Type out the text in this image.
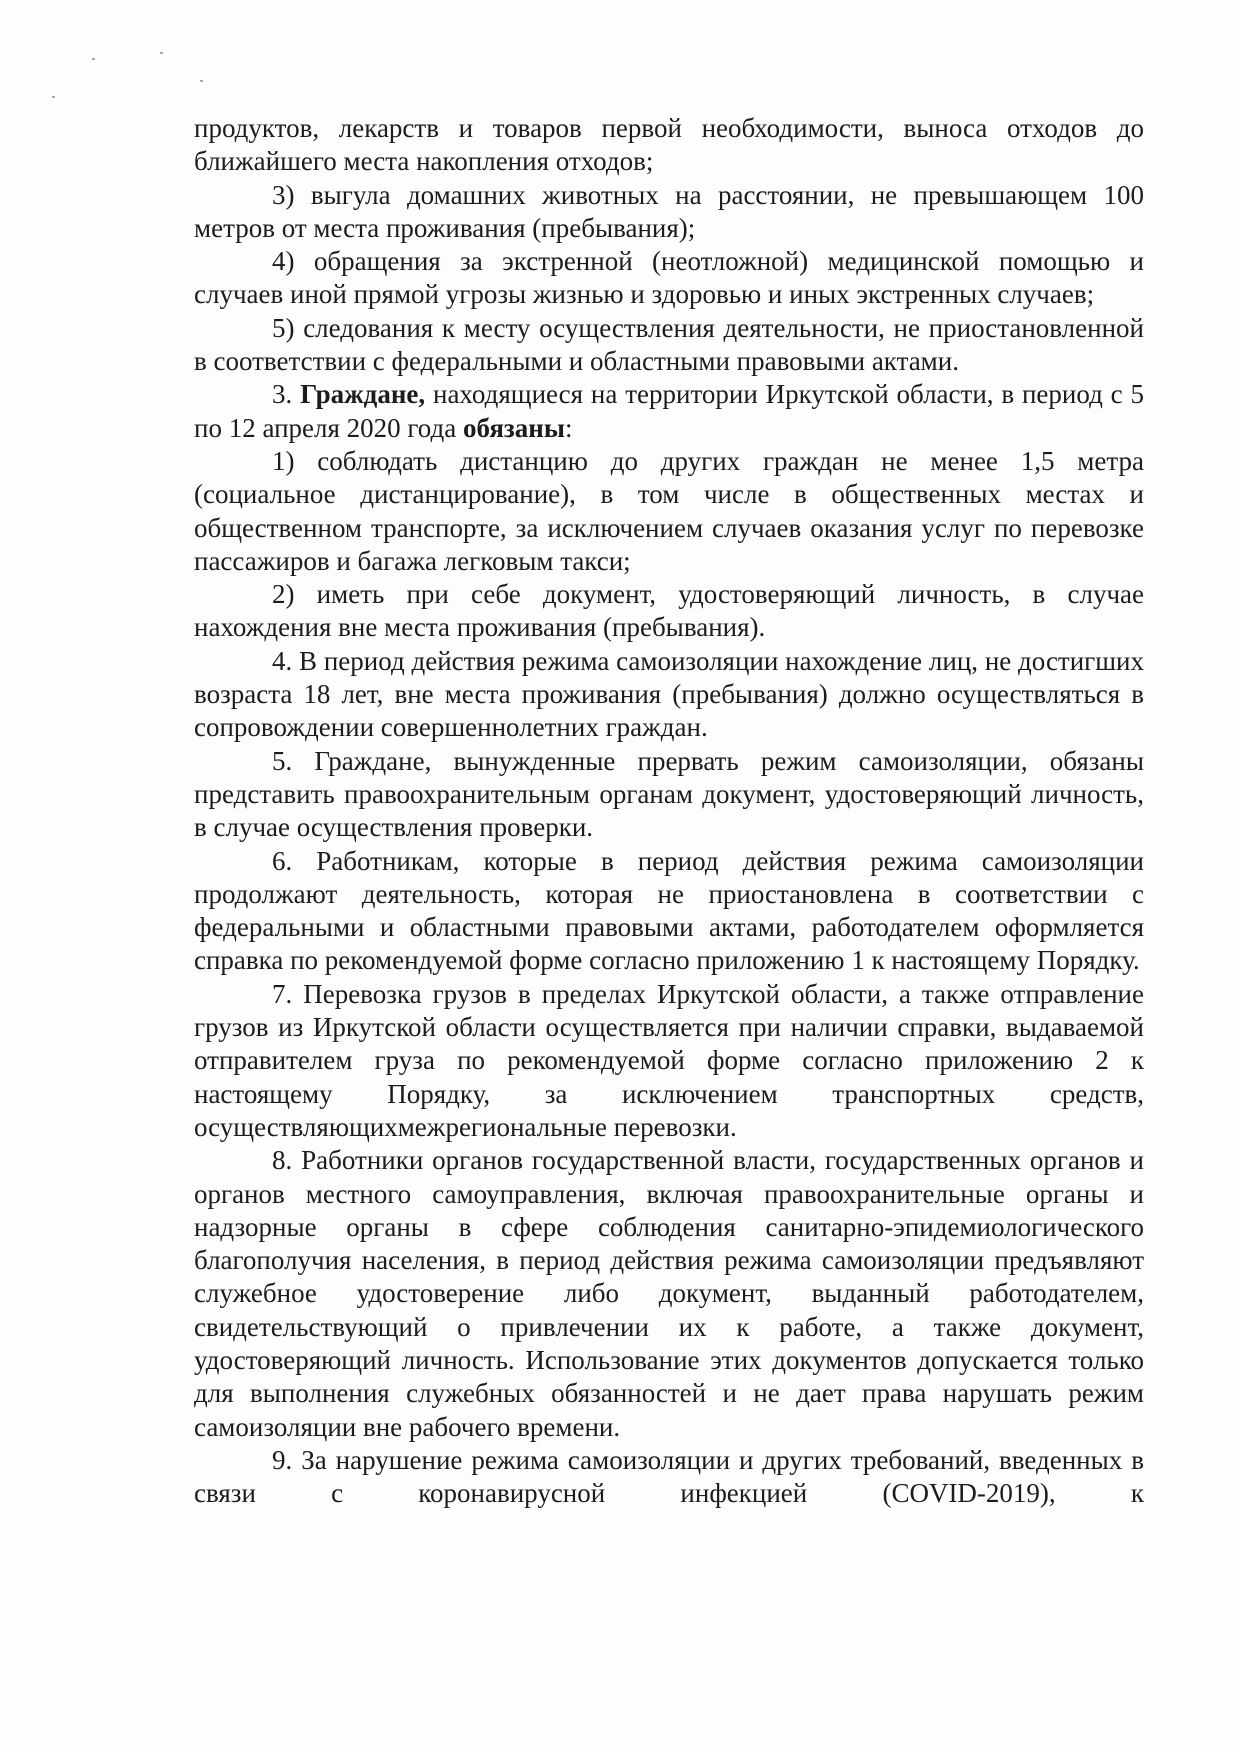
продуктов, лекарств и товаров первой необходимости, выноса отходов до ближайшего места накопления отходов;

3) выгула домашних животных на расстоянии, не превышающем 100 метров от места проживания (пребывания);

4) обращения за экстренной (неотложной) медицинской помощью и случаев иной прямой угрозы жизнью и здоровью и иных экстренных случаев;

5) следования к месту осуществления деятельности, не приостановленной в соответствии с федеральными и областными правовыми актами.

3. Граждане, находящиеся на территории Иркутской области, в период с 5 по 12 апреля 2020 года обязаны:

1) соблюдать дистанцию до других граждан не менее 1,5 метра (социальное дистанцирование), в том числе в общественных местах и общественном транспорте, за исключением случаев оказания услуг по перевозке пассажиров и багажа легковым такси;

2) иметь при себе документ, удостоверяющий личность, в случае нахождения вне места проживания (пребывания).

4. В период действия режима самоизоляции нахождение лиц, не достигших возраста 18 лет, вне места проживания (пребывания) должно осуществляться в сопровождении совершеннолетних граждан.

5. Граждане, вынужденные прервать режим самоизоляции, обязаны представить правоохранительным органам документ, удостоверяющий личность, в случае осуществления проверки.

6. Работникам, которые в период действия режима самоизоляции продолжают деятельность, которая не приостановлена в соответствии с федеральными и областными правовыми актами, работодателем оформляется справка по рекомендуемой форме согласно приложению 1 к настоящему Порядку.

7. Перевозка грузов в пределах Иркутской области, а также отправление грузов из Иркутской области осуществляется при наличии справки, выдаваемой отправителем груза по рекомендуемой форме согласно приложению 2 к настоящему Порядку, за исключением транспортных средств, осуществляющихмежрегиональные перевозки.

8. Работники органов государственной власти, государственных органов и органов местного самоуправления, включая правоохранительные органы и надзорные органы в сфере соблюдения санитарно-эпидемиологического благополучия населения, в период действия режима самоизоляции предъявляют служебное удостоверение либо документ, выданный работодателем, свидетельствующий о привлечении их к работе, а также документ, удостоверяющий личность. Использование этих документов допускается только для выполнения служебных обязанностей и не дает права нарушать режим самоизоляции вне рабочего времени.

9. За нарушение режима самоизоляции и других требований, введенных в связи с коронавирусной инфекцией (COVID-2019), к
